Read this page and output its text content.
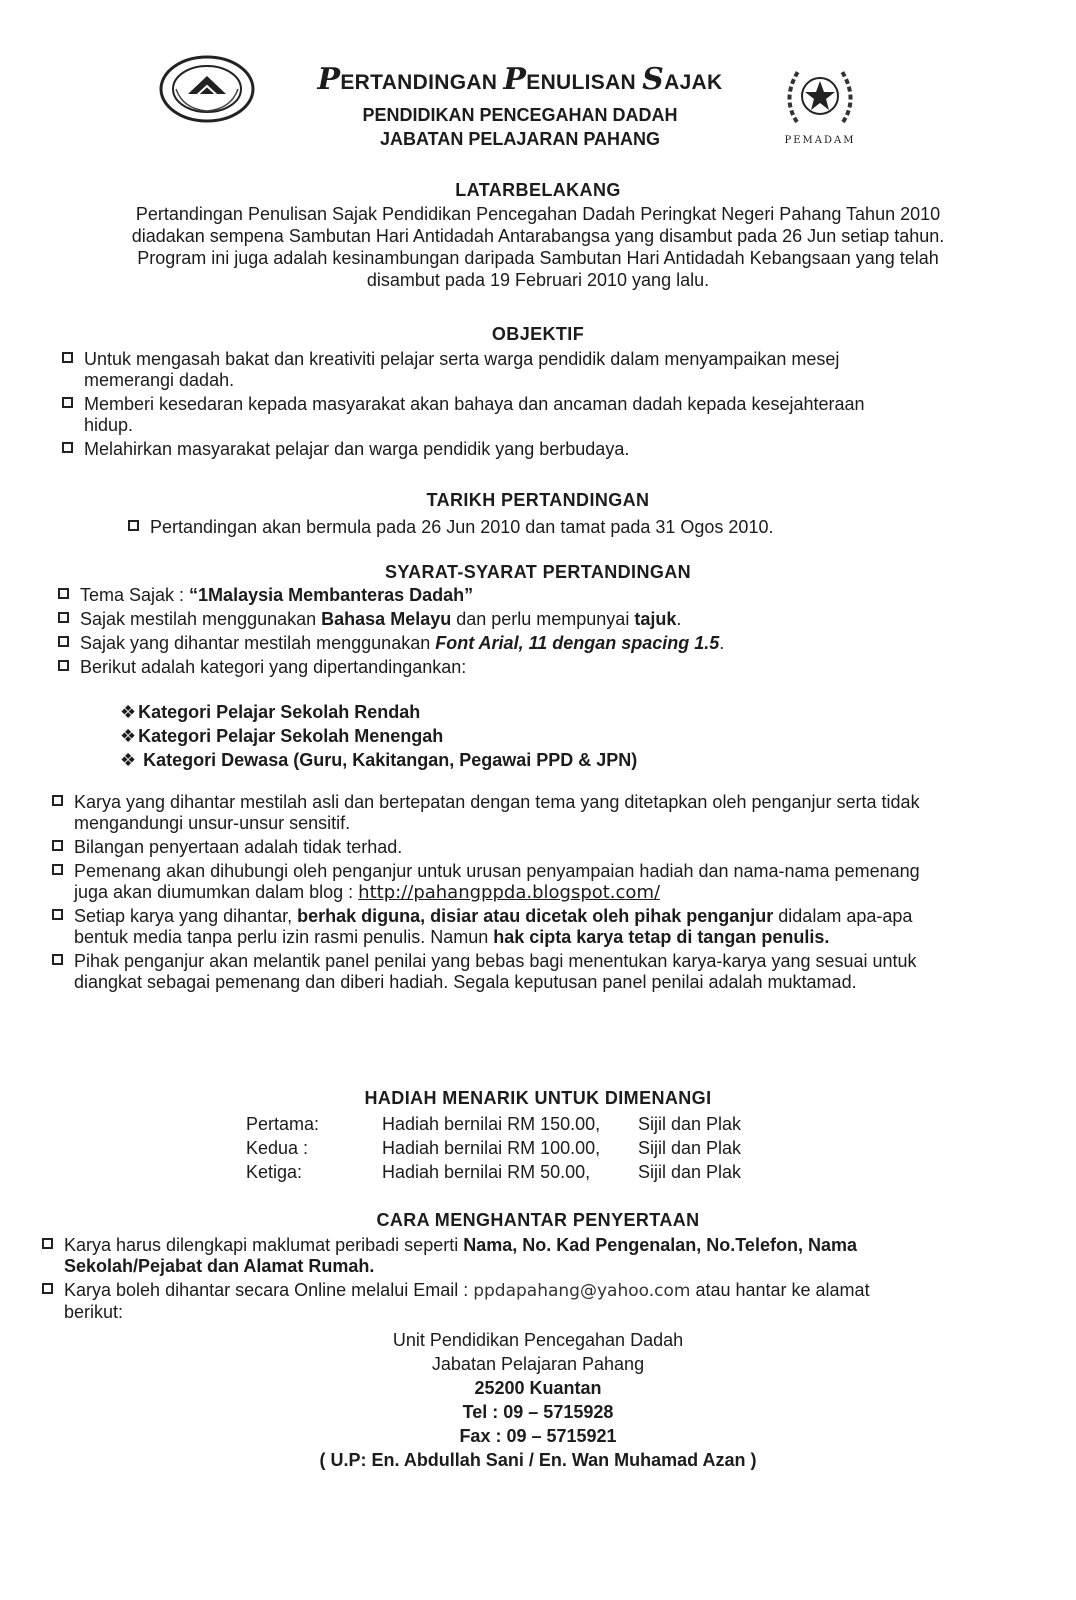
PERTANDINGAN PENULISAN SAJAK
PENDIDIKAN PENCEGAHAN DADAH
JABATAN PELAJARAN PAHANG	PEMADAM
LATARBELAKANG
Pertandingan Penulisan Sajak Pendidikan Pencegahan Dadah Peringkat Negeri Pahang Tahun 2010 diadakan sempena Sambutan Hari Antidadah Antarabangsa yang disambut pada 26 Jun setiap tahun. Program ini juga adalah kesinambungan daripada Sambutan Hari Antidadah Kebangsaan yang telah disambut pada 19 Februari 2010 yang lalu.
OBJEKTIF
Untuk mengasah bakat dan kreativiti pelajar serta warga pendidik dalam menyampaikan mesej memerangi dadah.
Memberi kesedaran kepada masyarakat akan bahaya dan ancaman dadah kepada kesejahteraan hidup.
Melahirkan masyarakat pelajar dan warga pendidik yang berbudaya.
TARIKH PERTANDINGAN
Pertandingan akan bermula pada 26 Jun 2010 dan tamat pada 31 Ogos 2010.
SYARAT-SYARAT PERTANDINGAN
Tema Sajak : “1Malaysia Membanteras Dadah”
Sajak mestilah menggunakan Bahasa Melayu dan perlu mempunyai tajuk.
Sajak yang dihantar mestilah menggunakan Font Arial, 11 dengan spacing 1.5.
Berikut adalah kategori yang dipertandingankan:
❖ Kategori Pelajar Sekolah Rendah
❖ Kategori Pelajar Sekolah Menengah
❖ Kategori Dewasa (Guru, Kakitangan, Pegawai PPD & JPN)
Karya yang dihantar mestilah asli dan bertepatan dengan tema yang ditetapkan oleh penganjur serta tidak mengandungi unsur-unsur sensitif.
Bilangan penyertaan adalah tidak terhad.
Pemenang akan dihubungi oleh penganjur untuk urusan penyampaian hadiah dan nama-nama pemenang juga akan diumumkan dalam blog : http://pahangppda.blogspot.com/
Setiap karya yang dihantar, berhak diguna, disiar atau dicetak oleh pihak penganjur didalam apa-apa bentuk media tanpa perlu izin rasmi penulis. Namun hak cipta karya tetap di tangan penulis.
Pihak penganjur akan melantik panel penilai yang bebas bagi menentukan karya-karya yang sesuai untuk diangkat sebagai pemenang dan diberi hadiah. Segala keputusan panel penilai adalah muktamad.
HADIAH MENARIK UNTUK DIMENANGI
Pertama:	Hadiah bernilai RM 150.00,	Sijil dan Plak
Kedua :	Hadiah bernilai RM 100.00,	Sijil dan Plak
Ketiga:	Hadiah bernilai RM 50.00,	Sijil dan Plak
CARA MENGHANTAR PENYERTAAN
Karya harus dilengkapi maklumat peribadi seperti Nama, No. Kad Pengenalan, No.Telefon, Nama Sekolah/Pejabat dan Alamat Rumah.
Karya boleh dihantar secara Online melalui Email : ppdapahang@yahoo.com atau hantar ke alamat berikut:
Unit Pendidikan Pencegahan Dadah
Jabatan Pelajaran Pahang
25200 Kuantan
Tel : 09 – 5715928
Fax : 09 – 5715921
( U.P: En. Abdullah Sani / En. Wan Muhamad Azan )
